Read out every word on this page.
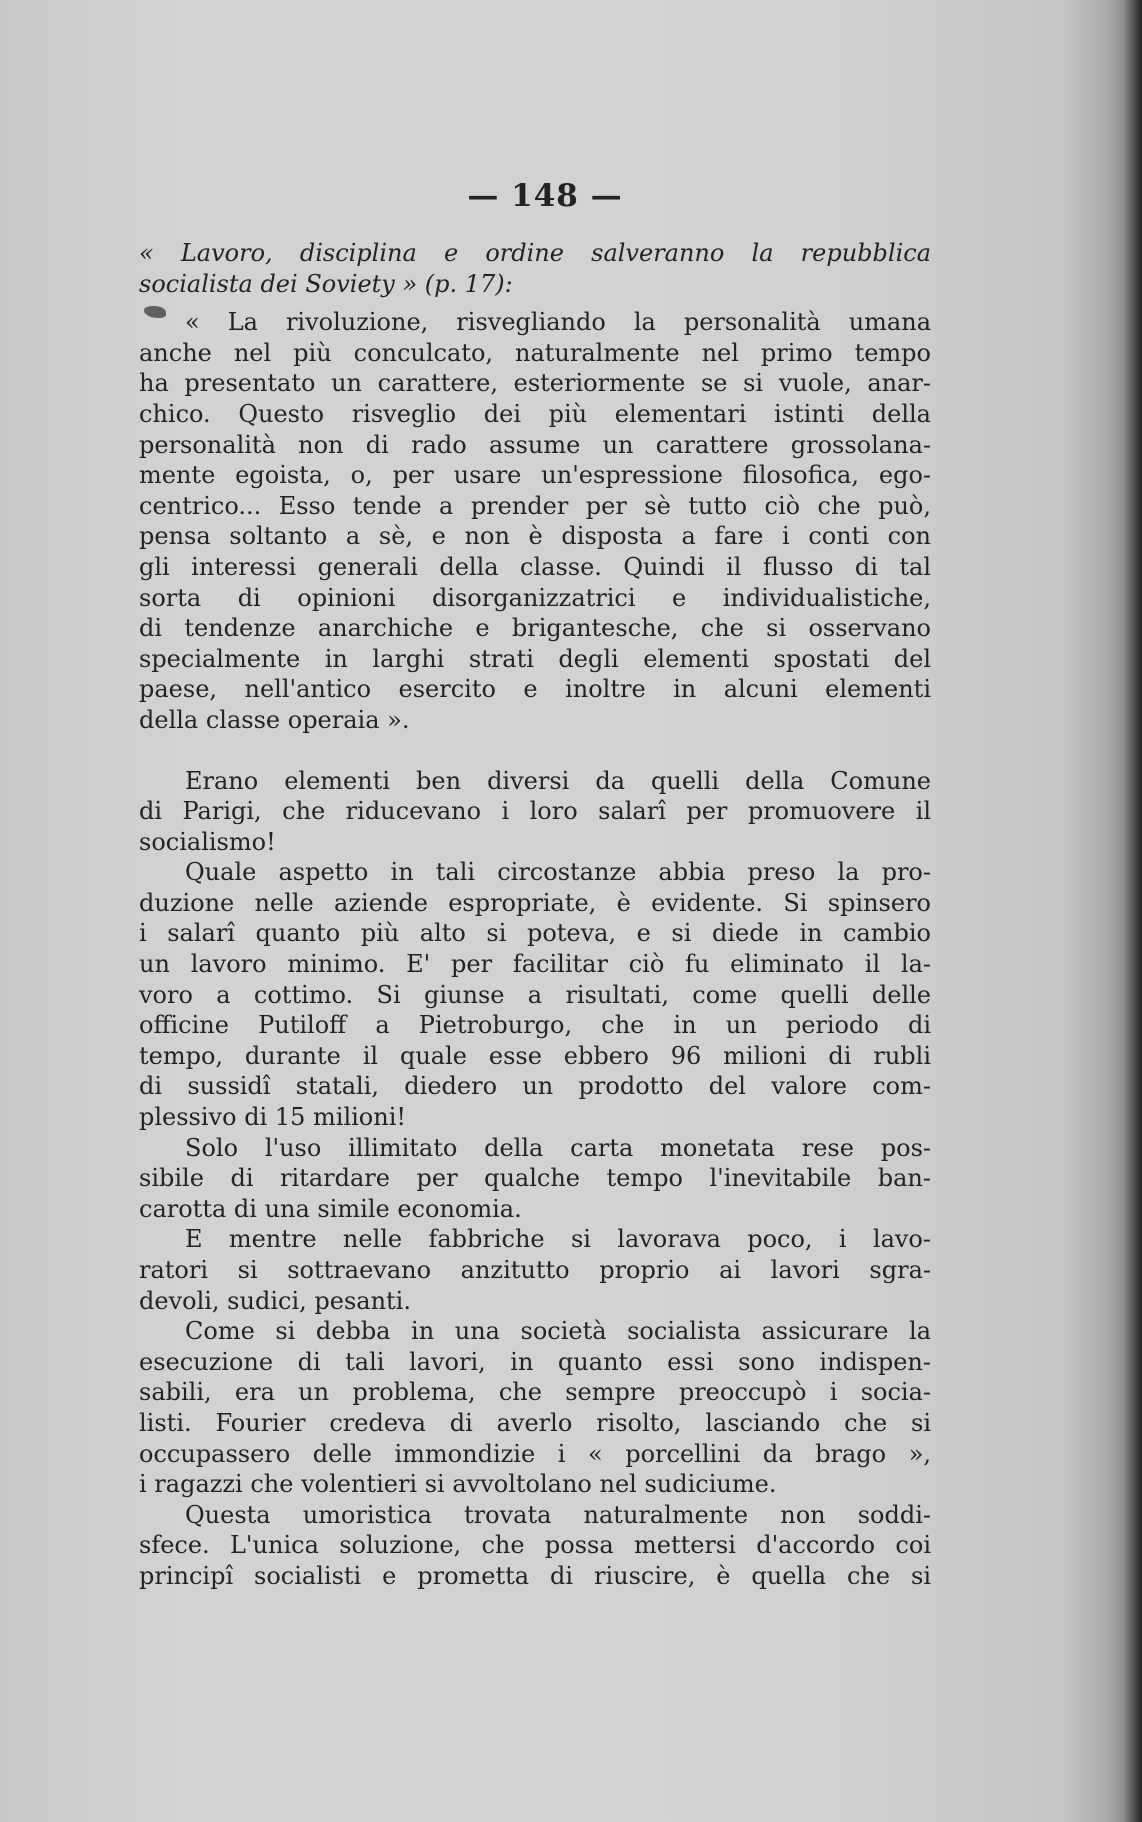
— 148 —
« Lavoro, disciplina e ordine salveranno la repubblica
socialista dei Soviety » (p. 17):
« La rivoluzione, risvegliando la personalità umana
anche nel più conculcato, naturalmente nel primo tempo
ha presentato un carattere, esteriormente se si vuole, anar-
chico. Questo risveglio dei più elementari istinti della
personalità non di rado assume un carattere grossolana-
mente egoista, o, per usare un'espressione filosofica, ego-
centrico... Esso tende a prender per sè tutto ciò che può,
pensa soltanto a sè, e non è disposta a fare i conti con
gli interessi generali della classe. Quindi il flusso di tal
sorta di opinioni disorganizzatrici e individualistiche,
di tendenze anarchiche e brigantesche, che si osservano
specialmente in larghi strati degli elementi spostati del
paese, nell'antico esercito e inoltre in alcuni elementi
della classe operaia ».
Erano elementi ben diversi da quelli della Comune
di Parigi, che riducevano i loro salarî per promuovere il
socialismo!
Quale aspetto in tali circostanze abbia preso la pro-
duzione nelle aziende espropriate, è evidente. Si spinsero
i salarî quanto più alto si poteva, e si diede in cambio
un lavoro minimo. E' per facilitar ciò fu eliminato il la-
voro a cottimo. Si giunse a risultati, come quelli delle
officine Putiloff a Pietroburgo, che in un periodo di
tempo, durante il quale esse ebbero 96 milioni di rubli
di sussidî statali, diedero un prodotto del valore com-
plessivo di 15 milioni!
Solo l'uso illimitato della carta monetata rese pos-
sibile di ritardare per qualche tempo l'inevitabile ban-
carotta di una simile economia.
E mentre nelle fabbriche si lavorava poco, i lavo-
ratori si sottraevano anzitutto proprio ai lavori sgra-
devoli, sudici, pesanti.
Come si debba in una società socialista assicurare la
esecuzione di tali lavori, in quanto essi sono indispen-
sabili, era un problema, che sempre preoccupò i socia-
listi. Fourier credeva di averlo risolto, lasciando che si
occupassero delle immondizie i « porcellini da brago »,
i ragazzi che volentieri si avvoltolano nel sudiciume.
Questa umoristica trovata naturalmente non soddi-
sfece. L'unica soluzione, che possa mettersi d'accordo coi
principî socialisti e prometta di riuscire, è quella che si
